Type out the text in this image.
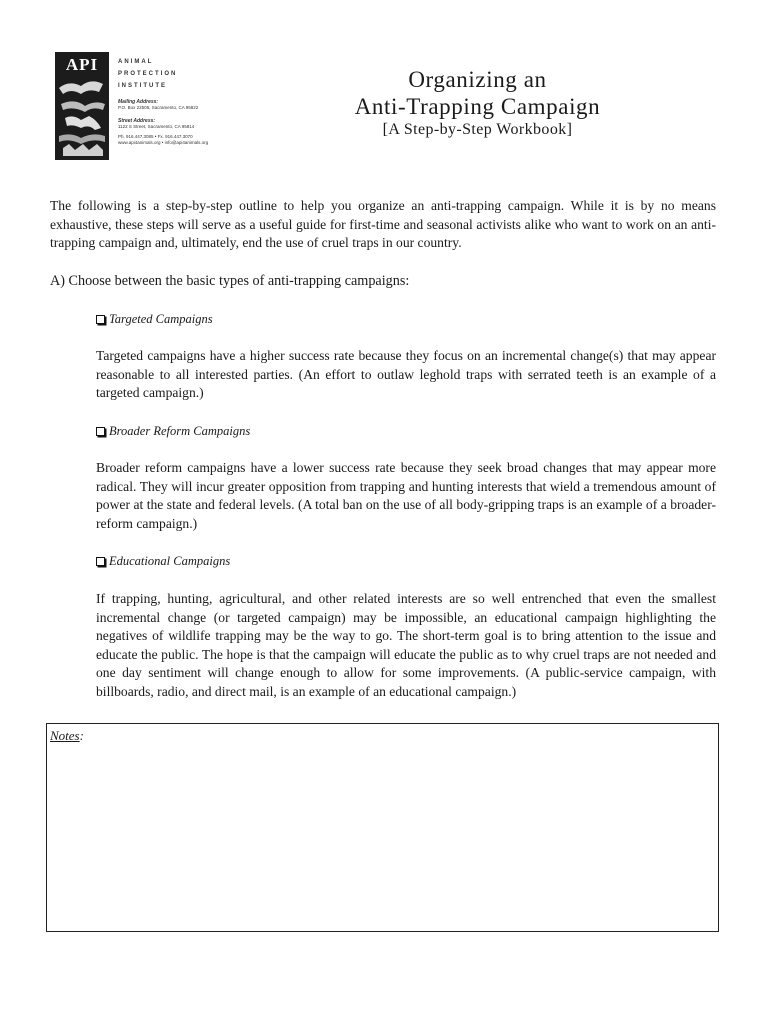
API	ANIMAL
PROTECTION
INSTITUTE
Mailing Address:
P.O. Box 22505, Sacramento, CA 95822
Street Address:
1122 S Street, Sacramento, CA 95814
Ph. 916.447.3085 • Fx. 916.447.3070
www.api4animals.org • info@api4animals.org
Organizing an
Anti-Trapping Campaign
[A Step-by-Step Workbook]
The following is a step-by-step outline to help you organize an anti-trapping campaign. While it is by no means exhaustive, these steps will serve as a useful guide for first-time and seasonal activists alike who want to work on an anti-trapping campaign and, ultimately, end the use of cruel traps in our country.
A) Choose between the basic types of anti-trapping campaigns:
Targeted Campaigns
Targeted campaigns have a higher success rate because they focus on an incremental change(s) that may appear reasonable to all interested parties. (An effort to outlaw leghold traps with serrated teeth is an example of a targeted campaign.)
Broader Reform Campaigns
Broader reform campaigns have a lower success rate because they seek broad changes that may appear more radical. They will incur greater opposition from trapping and hunting interests that wield a tremendous amount of power at the state and federal levels. (A total ban on the use of all body-gripping traps is an example of a broader-reform campaign.)
Educational Campaigns
If trapping, hunting, agricultural, and other related interests are so well entrenched that even the smallest incremental change (or targeted campaign) may be impossible, an educational campaign highlighting the negatives of wildlife trapping may be the way to go. The short-term goal is to bring attention to the issue and educate the public. The hope is that the campaign will educate the public as to why cruel traps are not needed and one day sentiment will change enough to allow for some improvements. (A public-service campaign, with billboards, radio, and direct mail, is an example of an educational campaign.)
Notes:
